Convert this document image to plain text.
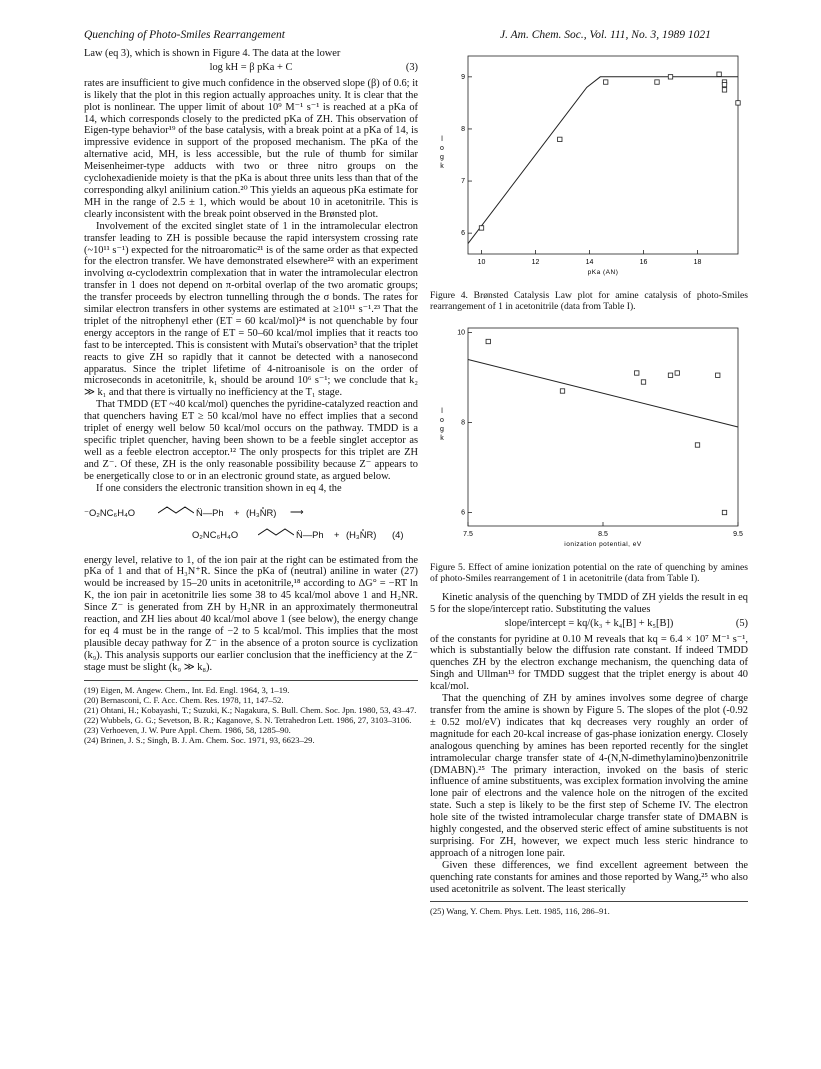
Quenching of Photo-Smiles Rearrangement	J. Am. Chem. Soc., Vol. 111, No. 3, 1989 1021

Law (eq 3), which is shown in Figure 4. The data at the lower

log kH = β pKa + C	(3)

rates are insufficient to give much confidence in the observed slope (β) of 0.6; it is likely that the plot in this region actually approaches unity. It is clear that the plot is nonlinear. The upper limit of about 10⁹ M⁻¹ s⁻¹ is reached at a pKa of 14, which corresponds closely to the predicted pKa of ZH. This observation of Eigen-type behavior¹⁹ of the base catalysis, with a break point at a pKa of 14, is impressive evidence in support of the proposed mechanism. The pKa of the alternative acid, MH, is less accessible, but the rule of thumb for similar Meisenheimer-type adducts with two or three nitro groups on the cyclohexadienide moiety is that the pKa is about three units less than that of the corresponding alkyl anilinium cation.²⁰ This yields an aqueous pKa estimate for MH in the range of 2.5 ± 1, which would be about 10 in acetonitrile. This is clearly inconsistent with the break point observed in the Brønsted plot.

Involvement of the excited singlet state of 1 in the intramolecular electron transfer leading to ZH is possible because the rapid intersystem crossing rate (~10¹¹ s⁻¹) expected for the nitroaromatic²¹ is of the same order as that expected for the electron transfer. We have demonstrated elsewhere²² with an experiment involving α-cyclodextrin complexation that in water the intramolecular electron transfer in 1 does not depend on π-orbital overlap of the two aromatic groups; the transfer proceeds by electron tunnelling through the σ bonds. The rates for similar electron transfers in other systems are estimated at ≥10¹¹ s⁻¹.²³ That the triplet of the nitrophenyl ether (ET = 60 kcal/mol)²⁴ is not quenchable by four energy acceptors in the range of ET = 50–60 kcal/mol implies that it reacts too fast to be intercepted. This is consistent with Mutai's observation³ that the triplet reacts to give ZH so rapidly that it cannot be detected with a nanosecond apparatus. Since the triplet lifetime of 4-nitroanisole is on the order of microseconds in acetonitrile, k₁ should be around 10⁶ s⁻¹; we conclude that k₂ ≫ k₁ and that there is virtually no inefficiency at the T₁ stage.

That TMDD (ET ~40 kcal/mol) quenches the pyridine-catalyzed reaction and that quenchers having ET ≥ 50 kcal/mol have no effect implies that a second triplet of energy well below 50 kcal/mol occurs on the pathway. TMDD is a specific triplet quencher, having been shown to be a feeble singlet acceptor as well as a feeble electron acceptor.¹² The only prospects for this triplet are ZH and Z⁻. Of these, ZH is the only reasonable possibility because Z⁻ appears to be energetically close to or in an electronic ground state, as argued below.

If one considers the electronic transition shown in eq 4, the

⁻O₂NC₆H₄O	N̈—Ph + (H₃N̊R) ⟶
O₂NC₆H₄O	N̈—Ph + (H₃N̊R) (4)

energy level, relative to 1, of the ion pair at the right can be estimated from the pKa of 1 and that of H₃N⁺R. Since the pKa of (neutral) aniline in water (27) would be increased by 15–20 units in acetonitrile,¹⁸ according to ΔG° = −RT ln K, the ion pair in acetonitrile lies some 38 to 45 kcal/mol above 1 and H₂NR. Since Z⁻ is generated from ZH by H₂NR in an approximately thermoneutral reaction, and ZH lies about 40 kcal/mol above 1 (see below), the energy change for eq 4 must be in the range of −2 to 5 kcal/mol. This implies that the most plausible decay pathway for Z⁻ in the absence of a proton source is cyclization (k₉). This analysis supports our earlier conclusion that the inefficiency at the Z⁻ stage must be slight (k₉ ≫ k₈).

(19) Eigen, M. Angew. Chem., Int. Ed. Engl. 1964, 3, 1–19.
(20) Bernasconi, C. F. Acc. Chem. Res. 1978, 11, 147–52.
(21) Ohtani, H.; Kobayashi, T.; Suzuki, K.; Nagakura, S. Bull. Chem. Soc. Jpn. 1980, 53, 43–47.
(22) Wubbels, G. G.; Sevetson, B. R.; Kaganove, S. N. Tetrahedron Lett. 1986, 27, 3103–3106.
(23) Verhoeven, J. W. Pure Appl. Chem. 1986, 58, 1285–90.
(24) Brinen, J. S.; Singh, B. J. Am. Chem. Soc. 1971, 93, 6623–29.
10	12	14	16	18
6
7
8
9
pKa (AN)
l
o
g
k
Figure 4. Brønsted Catalysis Law plot for amine catalysis of photo-Smiles rearrangement of 1 in acetonitrile (data from Table I).
7.5	8.5	9.5
6
8
10
ionization potential, eV
l
o
g
k
Figure 5. Effect of amine ionization potential on the rate of quenching by amines of photo-Smiles rearrangement of 1 in acetonitrile (data from Table I).

Kinetic analysis of the quenching by TMDD of ZH yields the result in eq 5 for the slope/intercept ratio. Substituting the values

slope/intercept = kq/(k₃ + k₄[B] + k₅[B])	(5)

of the constants for pyridine at 0.10 M reveals that kq = 6.4 × 10⁷ M⁻¹ s⁻¹, which is substantially below the diffusion rate constant. If indeed TMDD quenches ZH by the electron exchange mechanism, the quenching data of Singh and Ullman¹³ for TMDD suggest that the triplet energy is about 40 kcal/mol.

That the quenching of ZH by amines involves some degree of charge transfer from the amine is shown by Figure 5. The slopes of the plot (-0.92 ± 0.52 mol/eV) indicates that kq decreases very roughly an order of magnitude for each 20-kcal increase of gas-phase ionization energy. Closely analogous quenching by amines has been reported recently for the singlet intramolecular charge transfer state of 4-(N,N-dimethylamino)benzonitrile (DMABN).²⁵ The primary interaction, invoked on the basis of steric influence of amine substituents, was exciplex formation involving the amine lone pair of electrons and the valence hole on the nitrogen of the excited state. Such a step is likely to be the first step of Scheme IV. The electron hole site of the twisted intramolecular charge transfer state of DMABN is highly congested, and the observed steric effect of amine substituents is not surprising. For ZH, however, we expect much less steric hindrance to approach of a nitrogen lone pair.

Given these differences, we find excellent agreement between the quenching rate constants for amines and those reported by Wang,²⁵ who also used acetonitrile as solvent. The least sterically

(25) Wang, Y. Chem. Phys. Lett. 1985, 116, 286–91.
